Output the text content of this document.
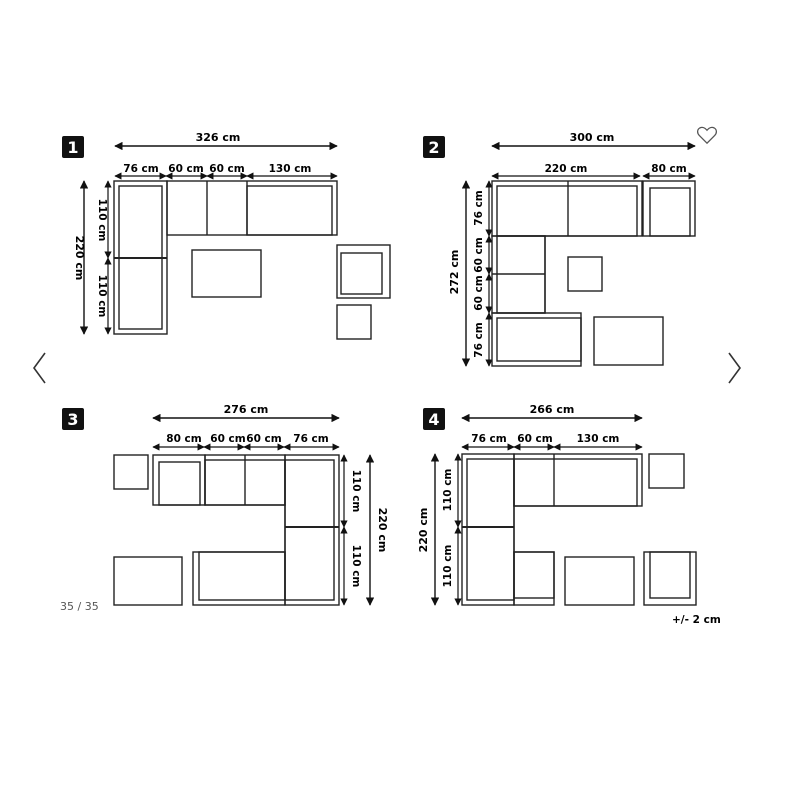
1
326 cm
76 cm 60 cm 60 cm 130 cm
220 cm
110 cm
110 cm
2
300 cm
220 cm	80 cm
272 cm
76 cm
60 cm
60 cm
76 cm
3
276 cm
80 cm 60 cm 60 cm 76 cm
110 cm
110 cm
220 cm
4
266 cm
76 cm 60 cm 130 cm
220 cm
110 cm
110 cm
+/- 2 cm
35 / 35
